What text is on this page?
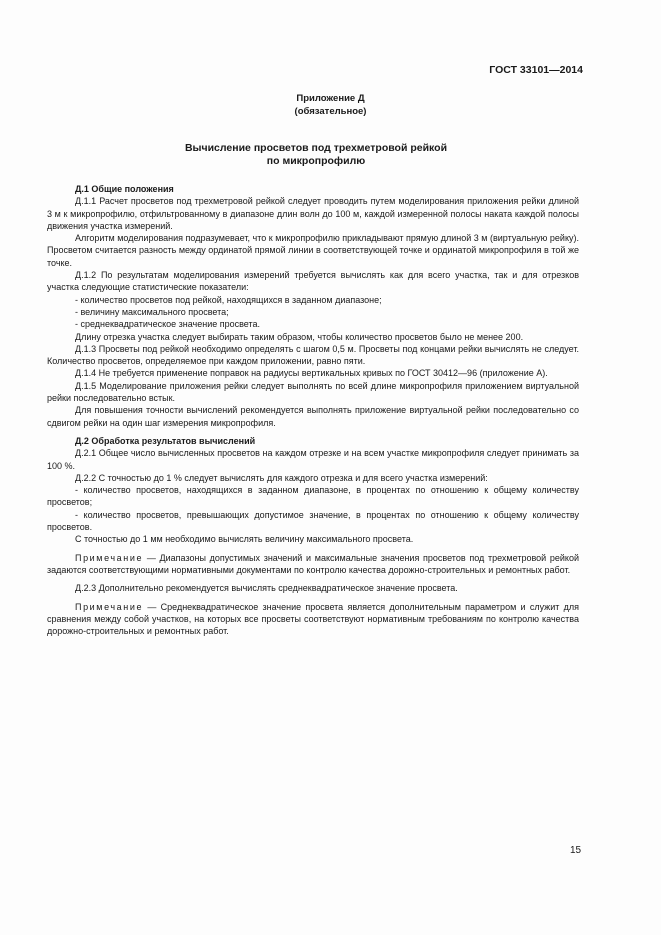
ГОСТ 33101—2014
Приложение Д
(обязательное)
Вычисление просветов под трехметровой рейкой
по микропрофилю

Д.1 Общие положения

Д.1.1 Расчет просветов под трехметровой рейкой следует проводить путем моделирования приложения рейки длиной 3 м к микропрофилю, отфильтрованному в диапазоне длин волн до 100 м, каждой измеренной полосы наката каждой полосы движения участка измерений.

Алгоритм моделирования подразумевает, что к микропрофилю прикладывают прямую длиной 3 м (виртуальную рейку). Просветом считается разность между ординатой прямой линии в соответствующей точке и ординатой микропрофиля в той же точке.

Д.1.2 По результатам моделирования измерений требуется вычислять как для всего участка, так и для отрезков участка следующие статистические показатели:

- количество просветов под рейкой, находящихся в заданном диапазоне;

- величину максимального просвета;

- среднеквадратическое значение просвета.

Длину отрезка участка следует выбирать таким образом, чтобы количество просветов было не менее 200.

Д.1.3 Просветы под рейкой необходимо определять с шагом 0,5 м. Просветы под концами рейки вычислять не следует. Количество просветов, определяемое при каждом приложении, равно пяти.

Д.1.4 Не требуется применение поправок на радиусы вертикальных кривых по ГОСТ 30412—96 (приложение А).

Д.1.5 Моделирование приложения рейки следует выполнять по всей длине микропрофиля приложением виртуальной рейки последовательно встык.

Для повышения точности вычислений рекомендуется выполнять приложение виртуальной рейки последовательно со сдвигом рейки на один шаг измерения микропрофиля.

Д.2 Обработка результатов вычислений

Д.2.1 Общее число вычисленных просветов на каждом отрезке и на всем участке микропрофиля следует принимать за 100 %.

Д.2.2 С точностью до 1 % следует вычислять для каждого отрезка и для всего участка измерений:

- количество просветов, находящихся в заданном диапазоне, в процентах по отношению к общему количеству просветов;

- количество просветов, превышающих допустимое значение, в процентах по отношению к общему количеству просветов.

С точностью до 1 мм необходимо вычислять величину максимального просвета.

Примечание — Диапазоны допустимых значений и максимальные значения просветов под трехметровой рейкой задаются соответствующими нормативными документами по контролю качества дорожно-строительных и ремонтных работ.

Д.2.3 Дополнительно рекомендуется вычислять среднеквадратическое значение просвета.

Примечание — Среднеквадратическое значение просвета является дополнительным параметром и служит для сравнения между собой участков, на которых все просветы соответствуют нормативным требованиям по контролю качества дорожно-строительных и ремонтных работ.

15
